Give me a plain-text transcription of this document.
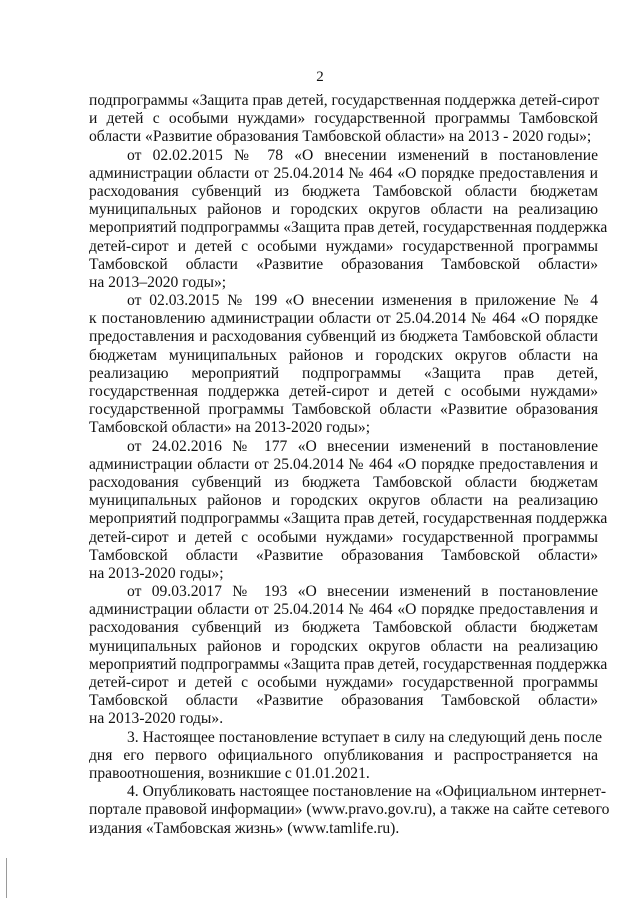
2
подпрограммы «Защита прав детей, государственная поддержка детей-сирот
и детей с особыми нуждами» государственной программы Тамбовской
области «Развитие образования Тамбовской области» на 2013 - 2020 годы»;
от 02.02.2015 № 78 «О внесении изменений в постановление
администрации области от 25.04.2014 № 464 «О порядке предоставления и
расходования субвенций из бюджета Тамбовской области бюджетам
муниципальных районов и городских округов области на реализацию
мероприятий подпрограммы «Защита прав детей, государственная поддержка
детей-сирот и детей с особыми нуждами» государственной программы
Тамбовской области «Развитие образования Тамбовской области»
на 2013–2020 годы»;
от 02.03.2015 № 199 «О внесении изменения в приложение № 4
к постановлению администрации области от 25.04.2014 № 464 «О порядке
предоставления и расходования субвенций из бюджета Тамбовской области
бюджетам муниципальных районов и городских округов области на
реализацию мероприятий подпрограммы «Защита прав детей,
государственная поддержка детей-сирот и детей с особыми нуждами»
государственной программы Тамбовской области «Развитие образования
Тамбовской области» на 2013-2020 годы»;
от 24.02.2016 № 177 «О внесении изменений в постановление
администрации области от 25.04.2014 № 464 «О порядке предоставления и
расходования субвенций из бюджета Тамбовской области бюджетам
муниципальных районов и городских округов области на реализацию
мероприятий подпрограммы «Защита прав детей, государственная поддержка
детей-сирот и детей с особыми нуждами» государственной программы
Тамбовской области «Развитие образования Тамбовской области»
на 2013-2020 годы»;
от 09.03.2017 № 193 «О внесении изменений в постановление
администрации области от 25.04.2014 № 464 «О порядке предоставления и
расходования субвенций из бюджета Тамбовской области бюджетам
муниципальных районов и городских округов области на реализацию
мероприятий подпрограммы «Защита прав детей, государственная поддержка
детей-сирот и детей с особыми нуждами» государственной программы
Тамбовской области «Развитие образования Тамбовской области»
на 2013-2020 годы».
3. Настоящее постановление вступает в силу на следующий день после
дня его первого официального опубликования и распространяется на
правоотношения, возникшие с 01.01.2021.
4. Опубликовать настоящее постановление на «Официальном интернет-
портале правовой информации» (www.pravo.gov.ru), а также на сайте сетевого
издания «Тамбовская жизнь» (www.tamlife.ru).
